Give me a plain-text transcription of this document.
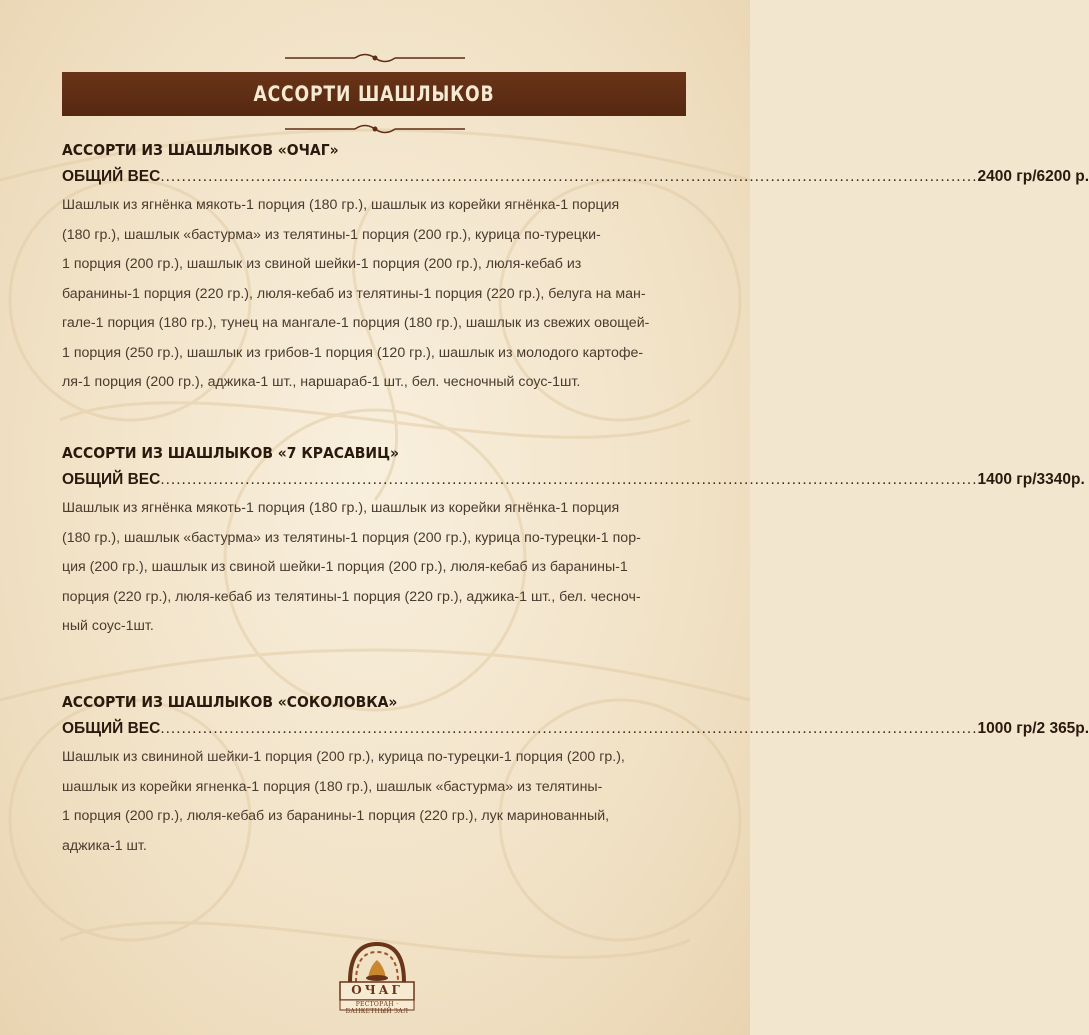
АССОРТИ ШАШЛЫКОВ
АССОРТИ ИЗ ШАШЛЫКОВ «ОЧАГ»
ОБЩИЙ ВЕС .......................................................................................................................................................... 2400 гр/6200 р.

Шашлык из ягнёнка мякоть-1 порция (180 гр.), шашлык из корейки ягнёнка-1 порция

(180 гр.), шашлык «бастурма» из телятины-1 порция (200 гр.), курица по-турецки-

1 порция (200 гр.), шашлык из свиной шейки-1 порция (200 гр.), люля-кебаб из

баранины-1 порция (220 гр.), люля-кебаб из телятины-1 порция (220 гр.), белуга на ман-

гале-1 порция (180 гр.), тунец на мангале-1 порция (180 гр.), шашлык из свежих овощей-

1 порция (250 гр.), шашлык из грибов-1 порция (120 гр.), шашлык из молодого картофе-

ля-1 порция (200 гр.), аджика-1 шт., наршараб-1 шт., бел. чесночный соус-1шт.

АССОРТИ ИЗ ШАШЛЫКОВ «7 КРАСАВИЦ»
ОБЩИЙ ВЕС .......................................................................................................................................................... 1400 гр/3340р.

Шашлык из ягнёнка мякоть-1 порция (180 гр.), шашлык из корейки ягнёнка-1 порция

(180 гр.), шашлык «бастурма» из телятины-1 порция (200 гр.), курица по-турецки-1 пор-

ция (200 гр.), шашлык из свиной шейки-1 порция (200 гр.), люля-кебаб из баранины-1

порция (220 гр.), люля-кебаб из телятины-1 порция (220 гр.), аджика-1 шт., бел. чесноч-

ный соус-1шт.

АССОРТИ ИЗ ШАШЛЫКОВ «СОКОЛОВКА»
ОБЩИЙ ВЕС .......................................................................................................................................................... 1000 гр/2 365р.

Шашлык из свининой шейки-1 порция (200 гр.), курица по-турецки-1 порция (200 гр.),

шашлык из корейки ягненка-1 порция (180 гр.), шашлык «бастурма» из телятины-

1 порция (200 гр.), люля-кебаб из баранины-1 порция (220 гр.), лук маринованный,

аджика-1 шт.

ОЧАГ
РЕСТОРАН · БАНКЕТНЫЙ ЗАЛ
